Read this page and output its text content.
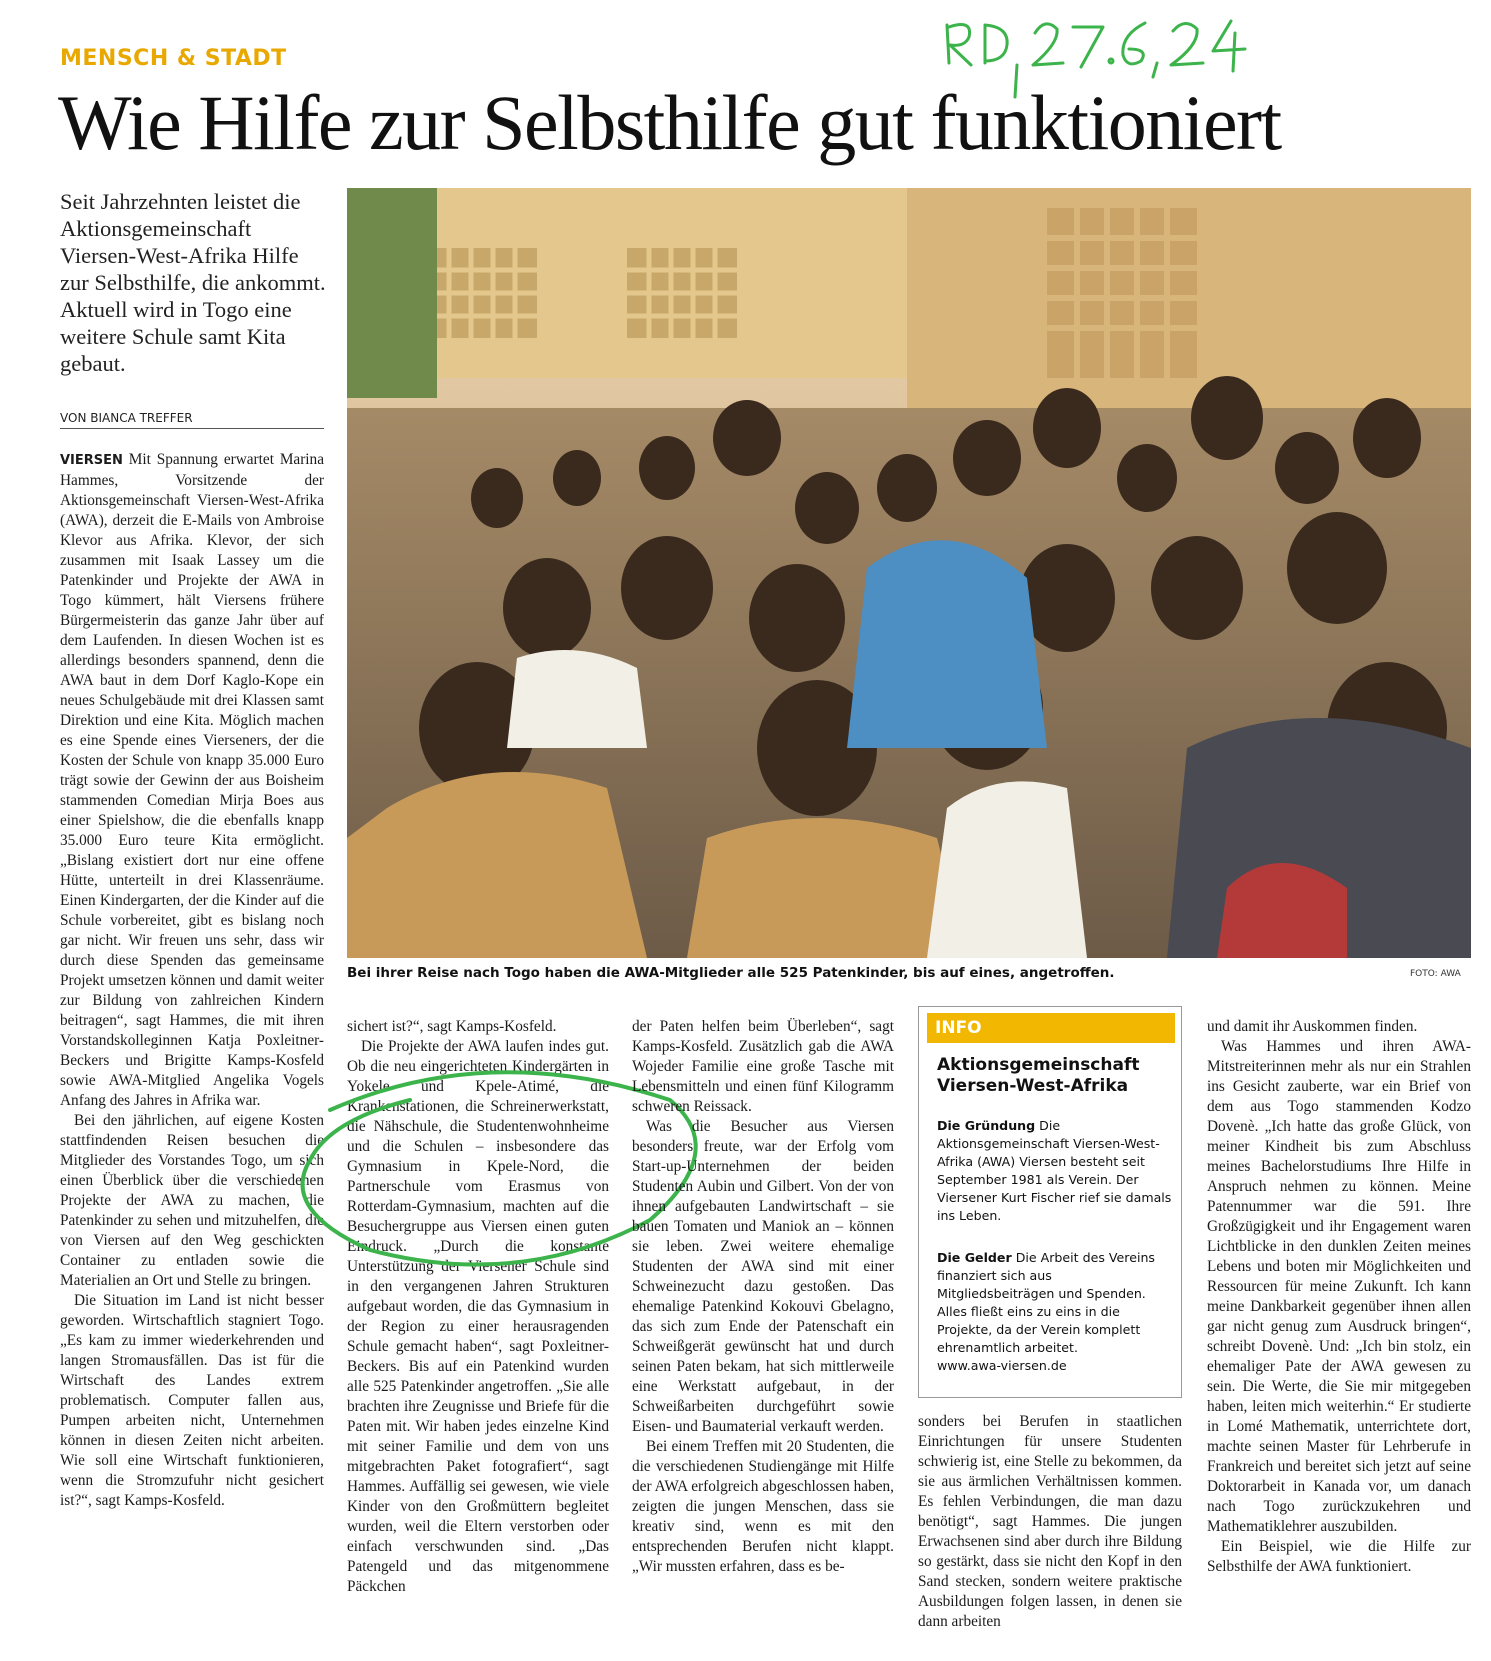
MENSCH & STADT
Wie Hilfe zur Selbsthilfe gut funktioniert
Seit Jahrzehnten leistet die Aktionsgemeinschaft Viersen-West-Afrika Hilfe zur Selbsthilfe, die ankommt. Aktuell wird in Togo eine weitere Schule samt Kita gebaut.
VON BIANCA TREFFER

VIERSEN Mit Spannung erwartet Marina Hammes, Vorsitzende der Aktionsgemeinschaft Viersen-West-Afrika (AWA), derzeit die E-Mails von Ambroise Klevor aus Afrika. Klevor, der sich zusammen mit Isaak Lassey um die Patenkinder und Projekte der AWA in Togo kümmert, hält Viersens frühere Bürgermeisterin das ganze Jahr über auf dem Laufenden. In diesen Wochen ist es allerdings besonders spannend, denn die AWA baut in dem Dorf Kaglo-Kope ein neues Schulgebäude mit drei Klassen samt Direktion und eine Kita. Möglich machen es eine Spende eines Vierseners, der die Kosten der Schule von knapp 35.000 Euro trägt sowie der Gewinn der aus Boisheim stammenden Comedian Mirja Boes aus einer Spielshow, die die ebenfalls knapp 35.000 Euro teure Kita ermöglicht. „Bislang existiert dort nur eine offene Hütte, unterteilt in drei Klassenräume. Einen Kindergarten, der die Kinder auf die Schule vorbereitet, gibt es bislang noch gar nicht. Wir freuen uns sehr, dass wir durch diese Spenden das gemeinsame Projekt umsetzen können und damit weiter zur Bildung von zahlreichen Kindern beitragen“, sagt Hammes, die mit ihren Vorstandskolleginnen Katja Poxleitner-Beckers und Brigitte Kamps-Kosfeld sowie AWA-Mitglied Angelika Vogels Anfang des Jahres in Afrika war.

Bei den jährlichen, auf eigene Kosten stattfindenden Reisen besuchen die Mitglieder des Vorstandes Togo, um sich einen Überblick über die verschiedenen Projekte der AWA zu machen, die Patenkinder zu sehen und mitzuhelfen, die von Viersen auf den Weg geschickten Container zu entladen sowie die Materialien an Ort und Stelle zu bringen.

Die Situation im Land ist nicht besser geworden. Wirtschaftlich stagniert Togo. „Es kam zu immer wiederkehrenden und langen Stromausfällen. Das ist für die Wirtschaft des Landes extrem problematisch. Computer fallen aus, Pumpen arbeiten nicht, Unternehmen können in diesen Zeiten nicht arbeiten. Wie soll eine Wirtschaft funktionieren, wenn die Stromzufuhr nicht gesichert ist?“, sagt Kamps-Kosfeld.

Bei ihrer Reise nach Togo haben die AWA-Mitglieder alle 525 Patenkinder, bis auf eines, angetroffen.	FOTO: AWA

sichert ist?“, sagt Kamps-Kosfeld.

Die Projekte der AWA laufen indes gut. Ob die neu eingerichteten Kindergärten in Yokele und Kpele-Atimé, die Krankenstationen, die Schreinerwerkstatt, die Nähschule, die Studentenwohnheime und die Schulen – insbesondere das Gymnasium in Kpele-Nord, die Partnerschule vom Erasmus von Rotterdam-Gymnasium, machten auf die Besuchergruppe aus Viersen einen guten Eindruck. „Durch die konstante Unterstützung der Viersener Schule sind in den vergangenen Jahren Strukturen aufgebaut worden, die das Gymnasium in der Region zu einer herausragenden Schule gemacht haben“, sagt Poxleitner-Beckers. Bis auf ein Patenkind wurden alle 525 Patenkinder angetroffen. „Sie alle brachten ihre Zeugnisse und Briefe für die Paten mit. Wir haben jedes einzelne Kind mit seiner Familie und dem von uns mitgebrachten Paket fotografiert“, sagt Hammes. Auffällig sei gewesen, wie viele Kinder von den Großmüttern begleitet wurden, weil die Eltern verstorben oder einfach verschwunden sind. „Das Patengeld und das mitgenommene Päckchen

der Paten helfen beim Überleben“, sagt Kamps-Kosfeld. Zusätzlich gab die AWA Wojeder Familie eine große Tasche mit Lebensmitteln und einen fünf Kilogramm schweren Reissack.

Was die Besucher aus Viersen besonders freute, war der Erfolg vom Start-up-Unternehmen der beiden Studenten Aubin und Gilbert. Von der von ihnen aufgebauten Landwirtschaft – sie bauen Tomaten und Maniok an – können sie leben. Zwei weitere ehemalige Studenten der AWA sind mit einer Schweinezucht dazu gestoßen. Das ehemalige Patenkind Kokouvi Gbelagno, das sich zum Ende der Patenschaft ein Schweißgerät gewünscht hat und durch seinen Paten bekam, hat sich mittlerweile eine Werkstatt aufgebaut, in der Schweißarbeiten durchgeführt sowie Eisen- und Baumaterial verkauft werden.

Bei einem Treffen mit 20 Studenten, die die verschiedenen Studiengänge mit Hilfe der AWA erfolgreich abgeschlossen haben, zeigten die jungen Menschen, dass sie kreativ sind, wenn es mit den entsprechenden Berufen nicht klappt. „Wir mussten erfahren, dass es be-

INFO
Aktionsgemeinschaft Viersen-West-Afrika
Die Gründung Die Aktionsgemeinschaft Viersen-West-Afrika (AWA) Viersen besteht seit September 1981 als Verein. Der Viersener Kurt Fischer rief sie damals ins Leben.
Die Gelder Die Arbeit des Vereins finanziert sich aus Mitgliedsbeiträgen und Spenden. Alles fließt eins zu eins in die Projekte, da der Verein komplett ehrenamtlich arbeitet.
www.awa-viersen.de

sonders bei Berufen in staatlichen Einrichtungen für unsere Studenten schwierig ist, eine Stelle zu bekommen, da sie aus ärmlichen Verhältnissen kommen. Es fehlen Verbindungen, die man dazu benötigt“, sagt Hammes. Die jungen Erwachsenen sind aber durch ihre Bildung so gestärkt, dass sie nicht den Kopf in den Sand stecken, sondern weitere praktische Ausbildungen folgen lassen, in denen sie dann arbeiten

und damit ihr Auskommen finden.

Was Hammes und ihren AWA-Mitstreiterinnen mehr als nur ein Strahlen ins Gesicht zauberte, war ein Brief von dem aus Togo stammenden Kodzo Dovenè. „Ich hatte das große Glück, von meiner Kindheit bis zum Abschluss meines Bachelorstudiums Ihre Hilfe in Anspruch nehmen zu können. Meine Patennummer war die 591. Ihre Großzügigkeit und ihr Engagement waren Lichtblicke in den dunklen Zeiten meines Lebens und boten mir Möglichkeiten und Ressourcen für meine Zukunft. Ich kann meine Dankbarkeit gegenüber ihnen allen gar nicht genug zum Ausdruck bringen“, schreibt Dovenè. Und: „Ich bin stolz, ein ehemaliger Pate der AWA gewesen zu sein. Die Werte, die Sie mir mitgegeben haben, leiten mich weiterhin.“ Er studierte in Lomé Mathematik, unterrichtete dort, machte seinen Master für Lehrberufe in Frankreich und bereitet sich jetzt auf seine Doktorarbeit in Kanada vor, um danach nach Togo zurückzukehren und Mathematiklehrer auszubilden.

Ein Beispiel, wie die Hilfe zur Selbsthilfe der AWA funktioniert.
